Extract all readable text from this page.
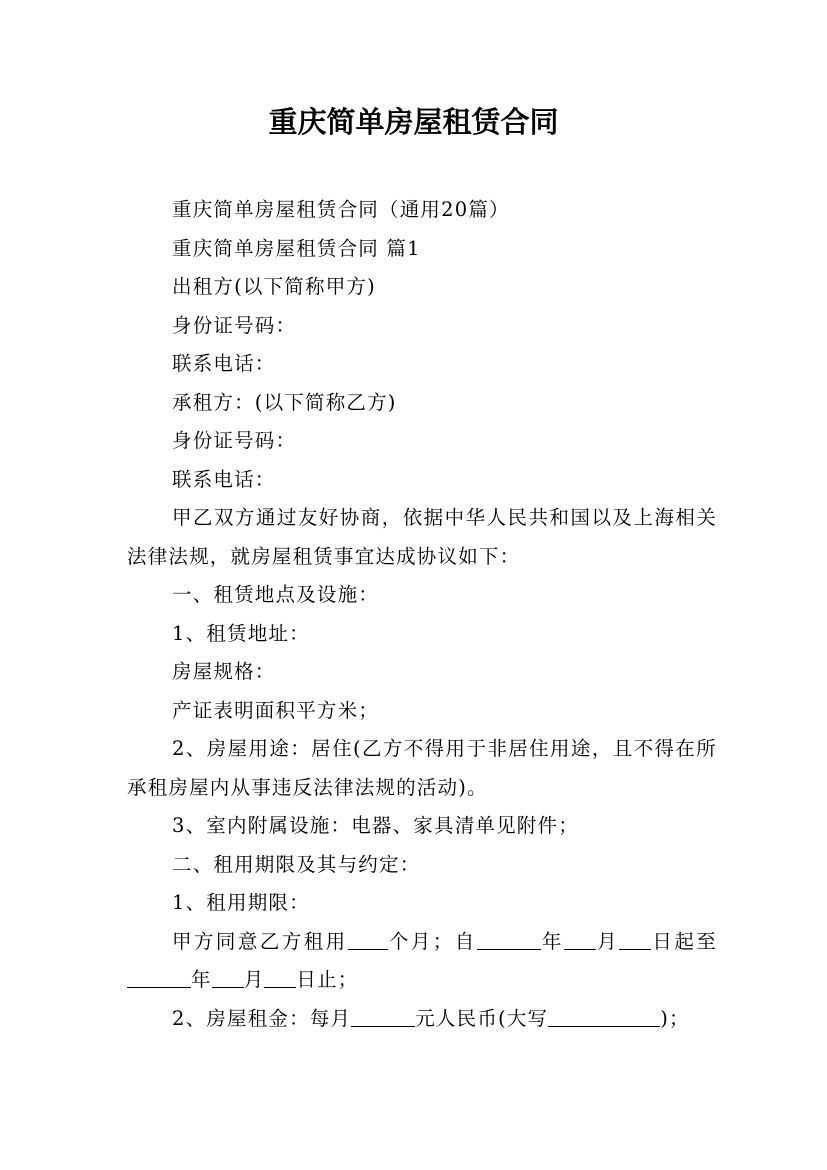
重庆简单房屋租赁合同

重庆简单房屋租赁合同（通用20篇）

重庆简单房屋租赁合同 篇1

出租方(以下简称甲方)

身份证号码：

联系电话：

承租方：(以下简称乙方)

身份证号码：

联系电话：

甲乙双方通过友好协商，依据中华人民共和国以及上海相关法律法规，就房屋租赁事宜达成协议如下：

一、租赁地点及设施：

1、租赁地址：

房屋规格：

产证表明面积平方米；

2、房屋用途：居住(乙方不得用于非居住用途，且不得在所承租房屋内从事违反法律法规的活动)。

3、室内附属设施：电器、家具清单见附件；

二、租用期限及其与约定：

1、租用期限：

甲方同意乙方租用 个月；自	年 月 日起至年 月 日止；

2、房屋租金：每月	元人民币(大写	)；
